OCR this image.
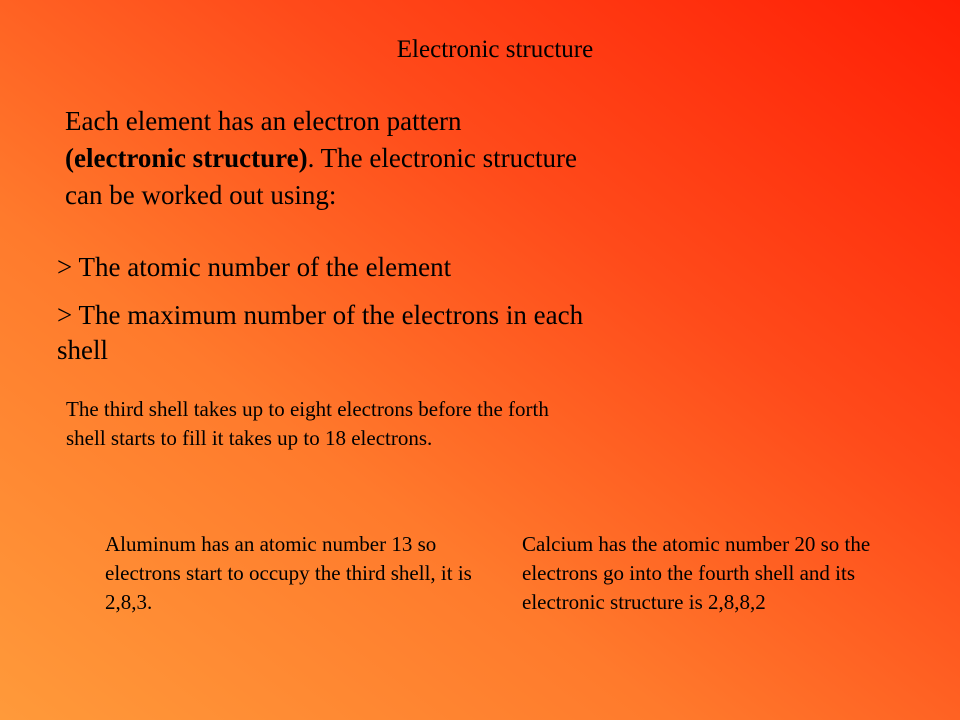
Electronic structure
Each element has an electron pattern (electronic structure). The electronic structure can be worked out using:
> The atomic number of the element
> The maximum number of the electrons in each shell
The third shell takes up to eight electrons before the forth shell starts to fill it takes up to 18 electrons.
Aluminum has an atomic number 13 so electrons start to occupy the third shell, it is 2,8,3.
Calcium has the atomic number 20 so the electrons go into the fourth shell and its electronic structure is 2,8,8,2
